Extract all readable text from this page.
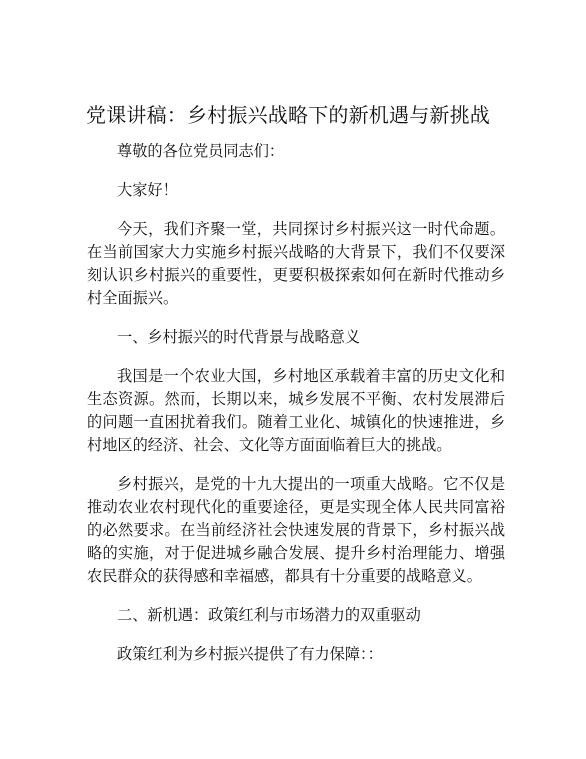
党课讲稿：乡村振兴战略下的新机遇与新挑战

尊敬的各位党员同志们：

大家好！

今天，我们齐聚一堂，共同探讨乡村振兴这一时代命题。在当前国家大力实施乡村振兴战略的大背景下，我们不仅要深刻认识乡村振兴的重要性，更要积极探索如何在新时代推动乡村全面振兴。

一、乡村振兴的时代背景与战略意义

我国是一个农业大国，乡村地区承载着丰富的历史文化和生态资源。然而，长期以来，城乡发展不平衡、农村发展滞后的问题一直困扰着我们。随着工业化、城镇化的快速推进，乡村地区的经济、社会、文化等方面面临着巨大的挑战。

乡村振兴，是党的十九大提出的一项重大战略。它不仅是推动农业农村现代化的重要途径，更是实现全体人民共同富裕的必然要求。在当前经济社会快速发展的背景下，乡村振兴战略的实施，对于促进城乡融合发展、提升乡村治理能力、增强农民群众的获得感和幸福感，都具有十分重要的战略意义。

二、新机遇：政策红利与市场潜力的双重驱动

政策红利为乡村振兴提供了有力保障：：
